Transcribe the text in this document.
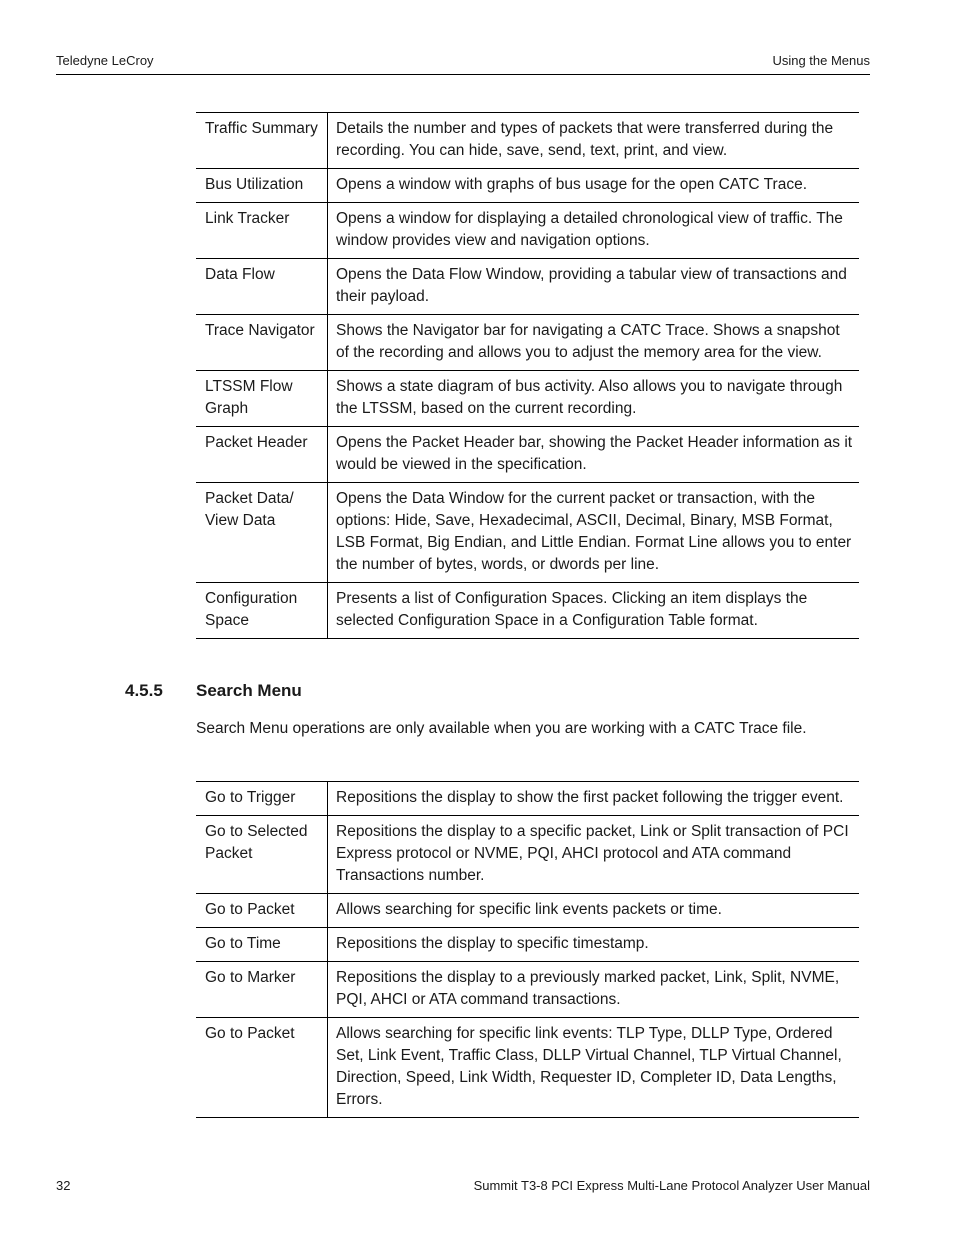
Teledyne LeCroy	Using the Menus
Traffic Summary	Details the number and types of packets that were transferred during the recording. You can hide, save, send, text, print, and view.
Bus Utilization	Opens a window with graphs of bus usage for the open CATC Trace.
Link Tracker	Opens a window for displaying a detailed chronological view of traffic. The window provides view and navigation options.
Data Flow	Opens the Data Flow Window, providing a tabular view of transactions and their payload.
Trace Navigator	Shows the Navigator bar for navigating a CATC Trace. Shows a snapshot of the recording and allows you to adjust the memory area for the view.
LTSSM Flow Graph	Shows a state diagram of bus activity. Also allows you to navigate through the LTSSM, based on the current recording.
Packet Header	Opens the Packet Header bar, showing the Packet Header information as it would be viewed in the specification.
Packet Data/ View Data	Opens the Data Window for the current packet or transaction, with the options: Hide, Save, Hexadecimal, ASCII, Decimal, Binary, MSB Format, LSB Format, Big Endian, and Little Endian. Format Line allows you to enter the number of bytes, words, or dwords per line.
Configuration Space	Presents a list of Configuration Spaces. Clicking an item displays the selected Configuration Space in a Configuration Table format.
4.5.5 Search Menu
Search Menu operations are only available when you are working with a CATC Trace file.
Go to Trigger	Repositions the display to show the first packet following the trigger event.
Go to Selected Packet	Repositions the display to a specific packet, Link or Split transaction of PCI Express protocol or NVME, PQI, AHCI protocol and ATA command Transactions number.
Go to Packet	Allows searching for specific link events packets or time.
Go to Time	Repositions the display to specific timestamp.
Go to Marker	Repositions the display to a previously marked packet, Link, Split, NVME, PQI, AHCI or ATA command transactions.
Go to Packet	Allows searching for specific link events: TLP Type, DLLP Type, Ordered Set, Link Event, Traffic Class, DLLP Virtual Channel, TLP Virtual Channel, Direction, Speed, Link Width, Requester ID, Completer ID, Data Lengths, Errors.
32	Summit T3-8 PCI Express Multi-Lane Protocol Analyzer User Manual
